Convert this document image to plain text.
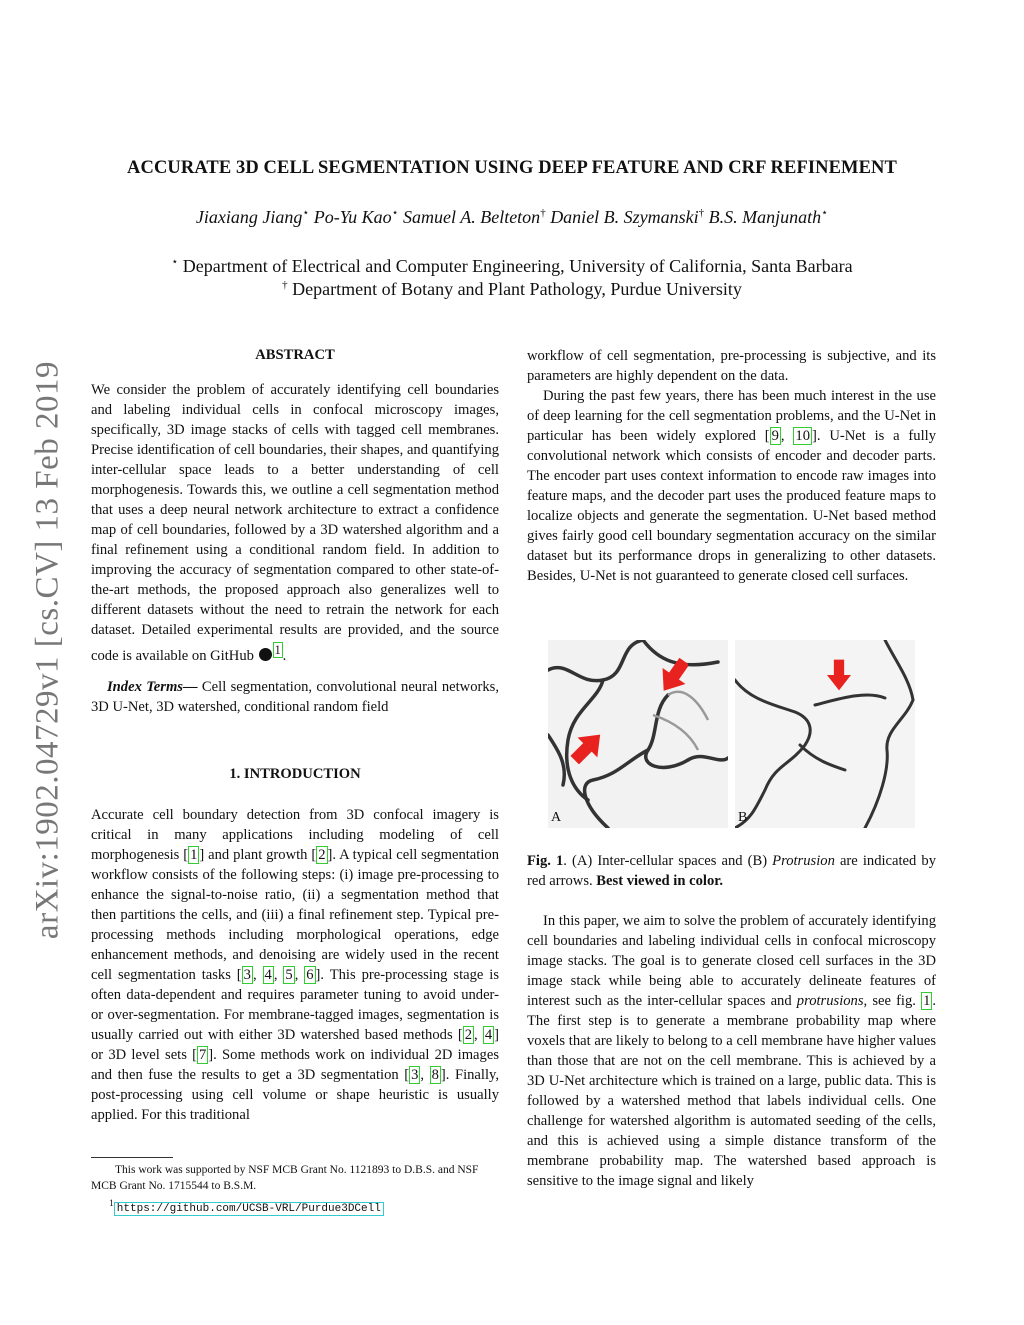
arXiv:1902.04729v1 [cs.CV] 13 Feb 2019
ACCURATE 3D CELL SEGMENTATION USING DEEP FEATURE AND CRF REFINEMENT
Jiaxiang Jiang⋆ Po-Yu Kao⋆ Samuel A. Belteton† Daniel B. Szymanski† B.S. Manjunath⋆
⋆ Department of Electrical and Computer Engineering, University of California, Santa Barbara
† Department of Botany and Plant Pathology, Purdue University
ABSTRACT

We consider the problem of accurately identifying cell boundaries and labeling individual cells in confocal microscopy images, specifically, 3D image stacks of cells with tagged cell membranes. Precise identification of cell boundaries, their shapes, and quantifying inter-cellular space leads to a better understanding of cell morphogenesis. Towards this, we outline a cell segmentation method that uses a deep neural network architecture to extract a confidence map of cell boundaries, followed by a 3D watershed algorithm and a final refinement using a conditional random field. In addition to improving the accuracy of segmentation compared to other state-of-the-art methods, the proposed approach also generalizes well to different datasets without the need to retrain the network for each dataset. Detailed experimental results are provided, and the source code is available on GitHub $^1$ .

Index Terms— Cell segmentation, convolutional neural networks, 3D U-Net, 3D watershed, conditional random field

1. INTRODUCTION

Accurate cell boundary detection from 3D confocal imagery is critical in many applications including modeling of cell morphogenesis [ 1 ] and plant growth [ 2 ]. A typical cell segmentation workflow consists of the following steps: (i) image pre-processing to enhance the signal-to-noise ratio, (ii) a segmentation method that then partitions the cells, and (iii) a final refinement step. Typical pre-processing methods including morphological operations, edge enhancement methods, and denoising are widely used in the recent cell segmentation tasks [ 3 , 4 , 5 , 6 ]. This pre-processing stage is often data-dependent and requires parameter tuning to avoid under- or over-segmentation. For membrane-tagged images, segmentation is usually carried out with either 3D watershed based methods [ 2 , 4 ] or 3D level sets [ 7 ]. Some methods work on individual 2D images and then fuse the results to get a 3D segmentation [ 3 , 8 ]. Finally, post-processing using cell volume or shape heuristic is usually applied. For this traditional

This work was supported by NSF MCB Grant No. 1121893 to D.B.S. and NSF MCB Grant No. 1715544 to B.S.M.
$^1$ https://github.com/UCSB-VRL/Purdue3DCell

workflow of cell segmentation, pre-processing is subjective, and its parameters are highly dependent on the data.

During the past few years, there has been much interest in the use of deep learning for the cell segmentation problems, and the U-Net in particular has been widely explored [ 9 , 10 ]. U-Net is a fully convolutional network which consists of encoder and decoder parts. The encoder part uses context information to encode raw images into feature maps, and the decoder part uses the produced feature maps to localize objects and generate the segmentation. U-Net based method gives fairly good cell boundary segmentation accuracy on the similar dataset but its performance drops in generalizing to other datasets. Besides, U-Net is not guaranteed to generate closed cell surfaces.

A	B

Fig. 1. (A) Inter-cellular spaces and (B) Protrusion are indicated by red arrows. Best viewed in color.

In this paper, we aim to solve the problem of accurately identifying cell boundaries and labeling individual cells in confocal microscopy image stacks. The goal is to generate closed cell surfaces in the 3D image stack while being able to accurately delineate features of interest such as the inter-cellular spaces and protrusions, see fig. 1 . The first step is to generate a membrane probability map where voxels that are likely to belong to a cell membrane have higher values than those that are not on the cell membrane. This is achieved by a 3D U-Net architecture which is trained on a large, public data. This is followed by a watershed method that labels individual cells. One challenge for watershed algorithm is automated seeding of the cells, and this is achieved using a simple distance transform of the membrane probability map. The watershed based approach is sensitive to the image signal and likely
